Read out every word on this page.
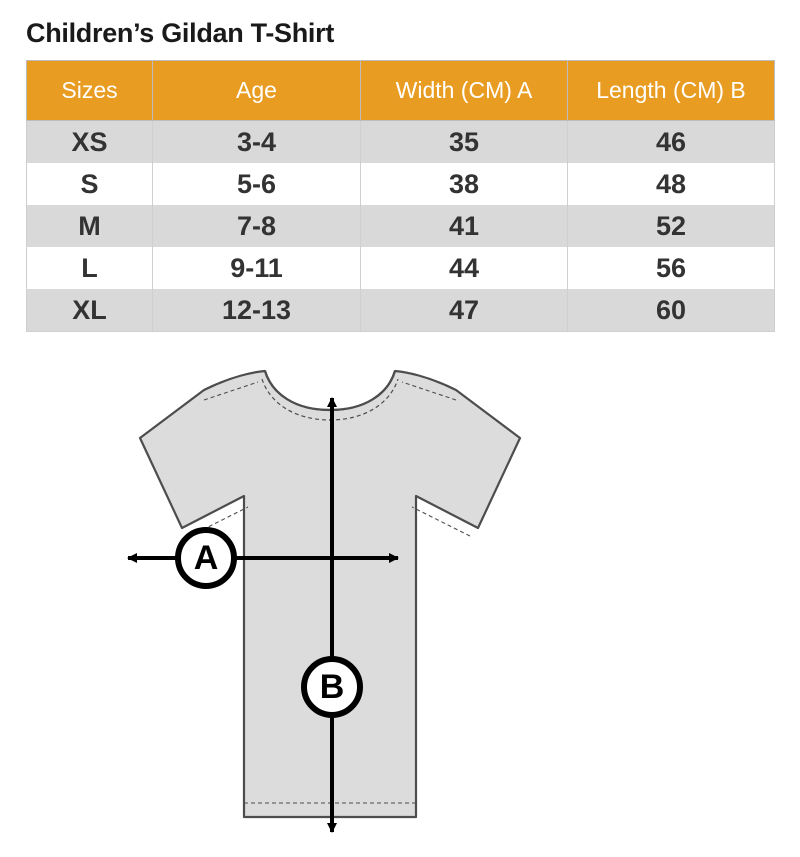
Children’s Gildan T-Shirt
Sizes	Age	Width (CM) A	Length (CM) B
XS	3-4	35	46
S	5-6	38	48
M	7-8	41	52
L	9-11	44	56
XL	12-13	47	60
A
B
